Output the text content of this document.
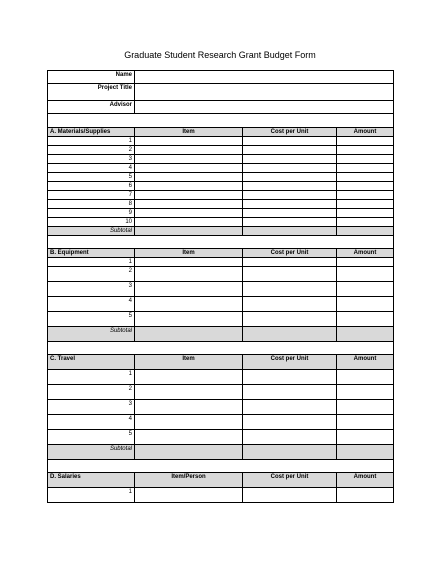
Graduate Student Research Grant Budget Form
Name			
Project Title			
Advisor			

A. Materials/Supplies	Item	Cost per Unit	Amount
1			
2			
3			
4			
5			
6			
7			
8			
9			
10			
Subtotal			

B. Equipment	Item	Cost per Unit	Amount
1			
2			
3			
4			
5			
Subtotal			

C. Travel	Item	Cost per Unit	Amount
1			
2			
3			
4			
5			
Subtotal			

D. Salaries	Item/Person	Cost per Unit	Amount
1			
